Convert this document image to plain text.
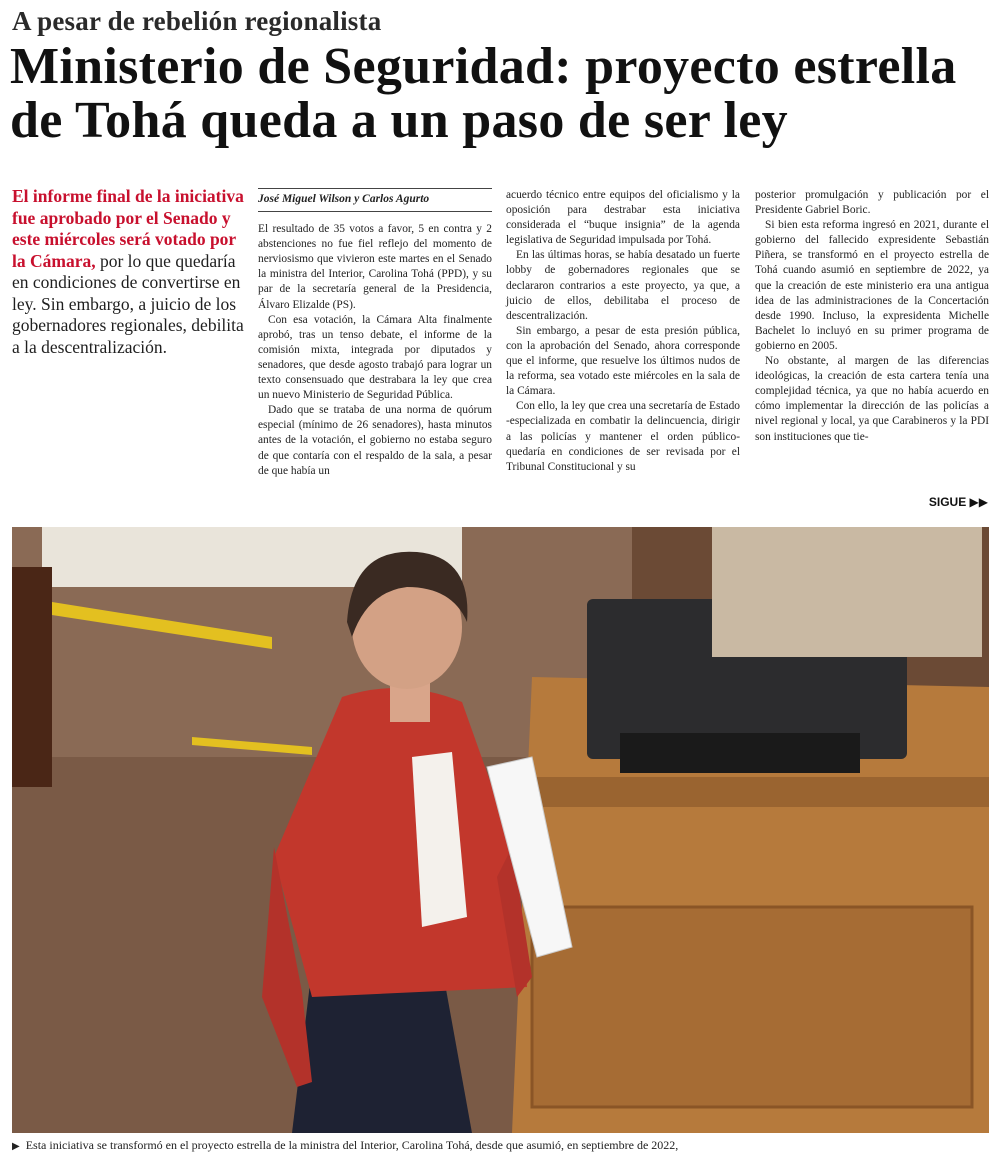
A pesar de rebelión regionalista
Ministerio de Seguridad: proyecto estrella de Tohá queda a un paso de ser ley
El informe final de la iniciativa fue aprobado por el Senado y este miércoles será votado por la Cámara, por lo que quedaría en condiciones de convertirse en ley. Sin embargo, a juicio de los gobernadores regionales, debilita a la descentralización.
José Miguel Wilson y Carlos Agurto

El resultado de 35 votos a favor, 5 en contra y 2 abstenciones no fue fiel reflejo del momento de nerviosismo que vivieron este martes en el Senado la ministra del Interior, Carolina Tohá (PPD), y su par de la secretaría general de la Presidencia, Álvaro Elizalde (PS).

Con esa votación, la Cámara Alta finalmente aprobó, tras un tenso debate, el informe de la comisión mixta, integrada por diputados y senadores, que desde agosto trabajó para lograr un texto consensuado que destrabara la ley que crea un nuevo Ministerio de Seguridad Pública.

Dado que se trataba de una norma de quórum especial (mínimo de 26 senadores), hasta minutos antes de la votación, el gobierno no estaba seguro de que contaría con el respaldo de la sala, a pesar de que había un

acuerdo técnico entre equipos del oficialismo y la oposición para destrabar esta iniciativa considerada el “buque insignia” de la agenda legislativa de Seguridad impulsada por Tohá.

En las últimas horas, se había desatado un fuerte lobby de gobernadores regionales que se declararon contrarios a este proyecto, ya que, a juicio de ellos, debilitaba el proceso de descentralización.

Sin embargo, a pesar de esta presión pública, con la aprobación del Senado, ahora corresponde que el informe, que resuelve los últimos nudos de la reforma, sea votado este miércoles en la sala de la Cámara.

Con ello, la ley que crea una secretaría de Estado -especializada en combatir la delincuencia, dirigir a las policías y mantener el orden público- quedaría en condiciones de ser revisada por el Tribunal Constitucional y su

posterior promulgación y publicación por el Presidente Gabriel Boric.

Si bien esta reforma ingresó en 2021, durante el gobierno del fallecido expresidente Sebastián Piñera, se transformó en el proyecto estrella de Tohá cuando asumió en septiembre de 2022, ya que la creación de este ministerio era una antigua idea de las administraciones de la Concertación desde 1990. Incluso, la expresidenta Michelle Bachelet lo incluyó en su primer programa de gobierno en 2005.

No obstante, al margen de las diferencias ideológicas, la creación de esta cartera tenía una complejidad técnica, ya que no había acuerdo en cómo implementar la dirección de las policías a nivel regional y local, ya que Carabineros y la PDI son instituciones que tie-

SIGUE ▶▶
▶ Esta iniciativa se transformó en el proyecto estrella de la ministra del Interior, Carolina Tohá, desde que asumió, en septiembre de 2022,
